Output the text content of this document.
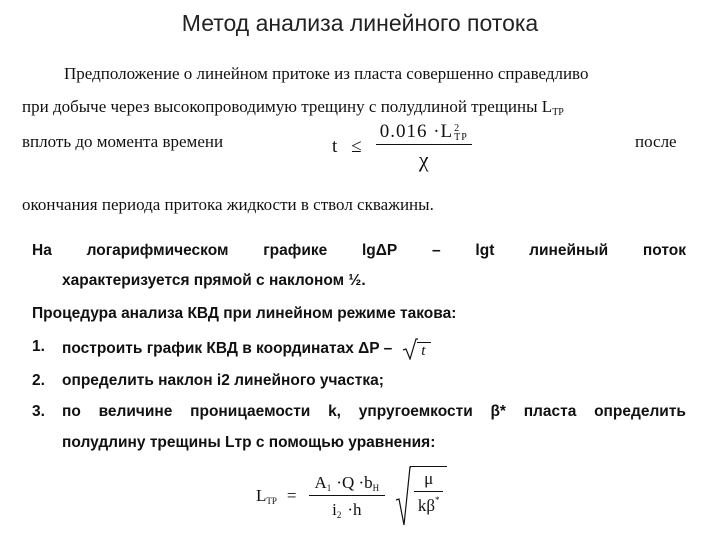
Метод анализа линейного потока
Предположение о линейном притоке из пласта совершенно справедливо
при добыче через высокопроводимую трещину с полудлиной трещины $L_{ТР}$
вплоть до момента времени	после
t ≤ 0.016 ·L 2
ТР
χ
окончания периода притока жидкости в ствол скважины.
На логарифмическом графике lgΔP – lgt линейный поток
характеризуется прямой с наклоном ½.
Процедура анализа КВД при линейном режиме такова:
1. построить график КВД в координатах ΔP – t
2. определить наклон i2 линейного участка;
3. по величине проницаемости k, упругоемкости β* пласта определить
полудлину трещины Lтр с помощью уравнения:
$L_{ТР} = \frac{A_1 \cdot Q \cdot b_Н}{i_2 \cdot h} \frac{\mu}{k\beta^*}$
